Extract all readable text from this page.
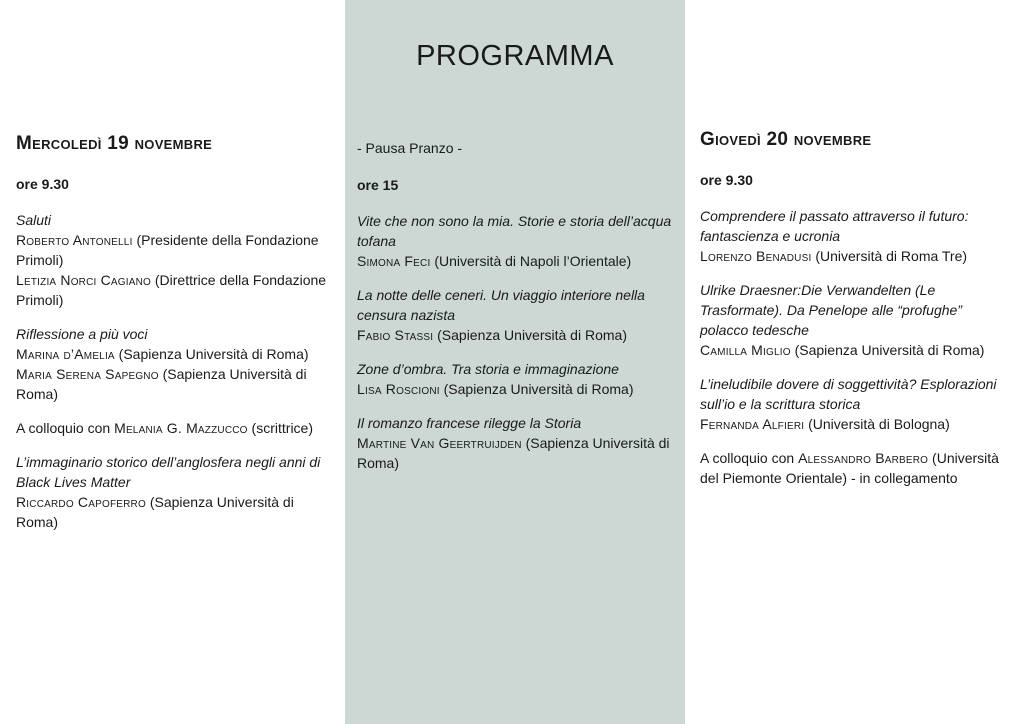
Mercoledì 19 novembre
ore 9.30
Saluti
Roberto Antonelli (Presidente della Fondazione Primoli)
Letizia Norci Cagiano (Direttrice della Fondazione Primoli)
Riflessione a più voci
Marina d’Amelia (Sapienza Università di Roma)
Maria Serena Sapegno (Sapienza Università di Roma)
A colloquio con Melania G. Mazzucco (scrittrice)
L’immaginario storico dell’anglosfera negli anni di Black Lives Matter
Riccardo Capoferro (Sapienza Università di Roma)
PROGRAMMA
- Pausa Pranzo -
ore 15
Vite che non sono la mia. Storie e storia dell’acqua tofana
Simona Feci (Università di Napoli l’Orientale)
La notte delle ceneri. Un viaggio interiore nella censura nazista
Fabio Stassi (Sapienza Università di Roma)
Zone d’ombra. Tra storia e immaginazione
Lisa Roscioni (Sapienza Università di Roma)
Il romanzo francese rilegge la Storia
Martine Van Geertruijden (Sapienza Università di Roma)
Giovedì 20 novembre
ore 9.30
Comprendere il passato attraverso il futuro: fantascienza e ucronia
Lorenzo Benadusi (Università di Roma Tre)
Ulrike Draesner:Die Verwandelten (Le Trasformate). Da Penelope alle “profughe” polacco tedesche
Camilla Miglio (Sapienza Università di Roma)
L’ineludibile dovere di soggettività? Esplorazioni sull’io e la scrittura storica
Fernanda Alfieri (Università di Bologna)
A colloquio con Alessandro Barbero (Università del Piemonte Orientale) - in collegamento
